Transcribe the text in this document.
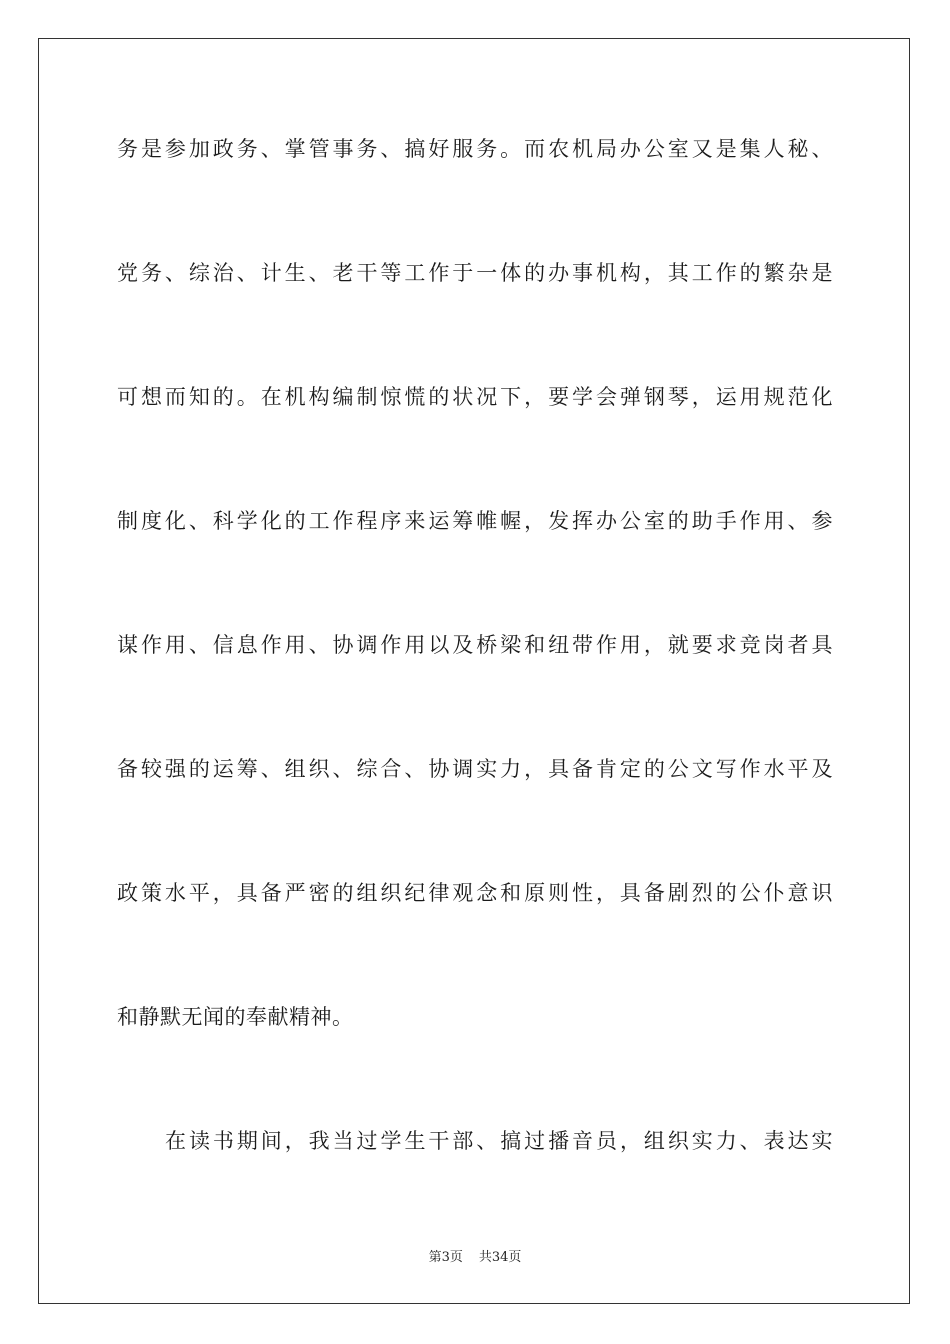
务是参加政务、掌管事务、搞好服务。而农机局办公室又是集人秘、
党务、综治、计生、老干等工作于一体的办事机构，其工作的繁杂是
可想而知的。在机构编制惊慌的状况下，要学会弹钢琴，运用规范化
制度化、科学化的工作程序来运筹帷幄，发挥办公室的助手作用、参
谋作用、信息作用、协调作用以及桥梁和纽带作用，就要求竞岗者具
备较强的运筹、组织、综合、协调实力，具备肯定的公文写作水平及
政策水平，具备严密的组织纪律观念和原则性，具备剧烈的公仆意识
和静默无闻的奉献精神。
在读书期间，我当过学生干部、搞过播音员，组织实力、表达实
第3页 共34页
